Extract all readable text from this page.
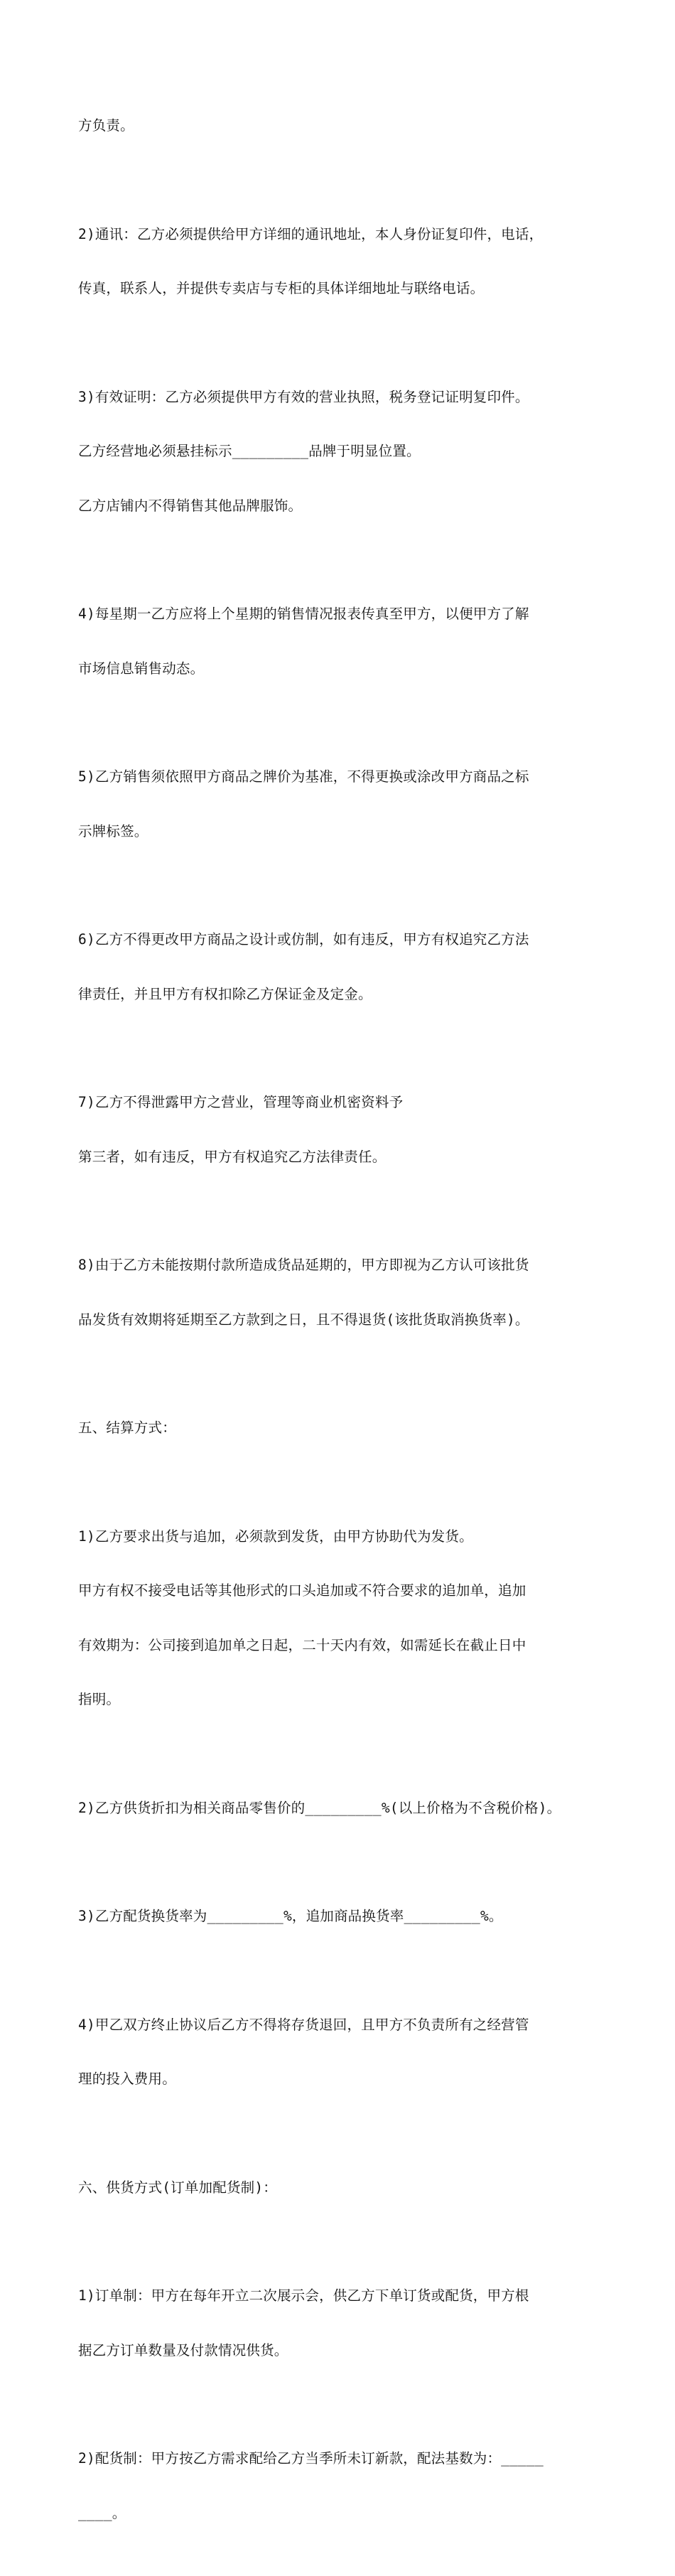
方负责。

2)通讯：乙方必须提供给甲方详细的通讯地址，本人身份证复印件，电话，

传真，联系人，并提供专卖店与专柜的具体详细地址与联络电话。

3)有效证明：乙方必须提供甲方有效的营业执照，税务登记证明复印件。

乙方经营地必须悬挂标示_________品牌于明显位置。

乙方店铺内不得销售其他品牌服饰。

4)每星期一乙方应将上个星期的销售情况报表传真至甲方，以便甲方了解

市场信息销售动态。

5)乙方销售须依照甲方商品之牌价为基准，不得更换或涂改甲方商品之标

示牌标签。

6)乙方不得更改甲方商品之设计或仿制，如有违反，甲方有权追究乙方法

律责任，并且甲方有权扣除乙方保证金及定金。

7)乙方不得泄露甲方之营业，管理等商业机密资料予

第三者，如有违反，甲方有权追究乙方法律责任。

8)由于乙方未能按期付款所造成货品延期的，甲方即视为乙方认可该批货

品发货有效期将延期至乙方款到之日，且不得退货(该批货取消换货率)。

五、结算方式：

1)乙方要求出货与追加，必须款到发货，由甲方协助代为发货。

甲方有权不接受电话等其他形式的口头追加或不符合要求的追加单，追加

有效期为：公司接到追加单之日起，二十天内有效，如需延长在截止日中

指明。

2)乙方供货折扣为相关商品零售价的_________%(以上价格为不含税价格)。

3)乙方配货换货率为_________%，追加商品换货率_________%。

4)甲乙双方终止协议后乙方不得将存货退回，且甲方不负责所有之经营管

理的投入费用。

六、供货方式(订单加配货制)：

1)订单制：甲方在每年开立二次展示会，供乙方下单订货或配货，甲方根

据乙方订单数量及付款情况供货。

2)配货制：甲方按乙方需求配给乙方当季所未订新款，配法基数为：_____

____。
